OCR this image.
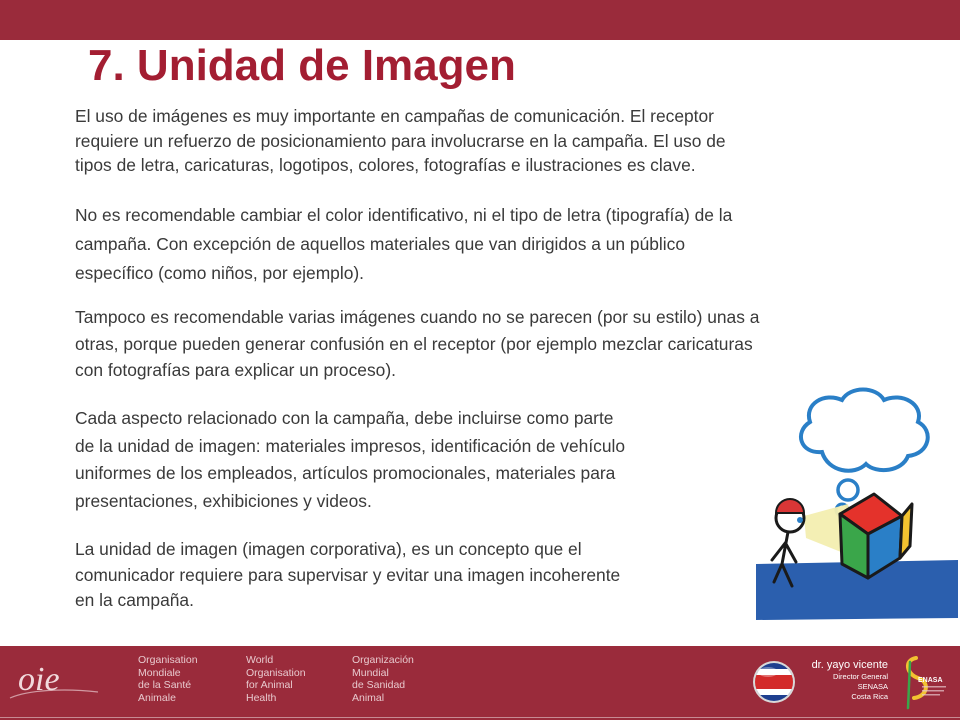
7. Unidad de Imagen
El uso de imágenes es muy importante en campañas de comunicación. El receptor
requiere un refuerzo de posicionamiento para involucrarse en la campaña. El uso de
tipos de letra, caricaturas, logotipos, colores, fotografías e ilustraciones es clave.
No es recomendable cambiar el color identificativo, ni el tipo de letra (tipografía) de la
campaña. Con excepción de aquellos materiales que van dirigidos a un público
específico (como niños, por ejemplo).
Tampoco es recomendable varias imágenes cuando no se parecen (por su estilo) unas a
otras, porque pueden generar confusión en el receptor (por ejemplo mezclar caricaturas
con fotografías para explicar un proceso).
Cada aspecto relacionado con la campaña, debe incluirse como parte
de la unidad de imagen: materiales impresos, identificación de vehículo
uniformes de los empleados, artículos promocionales, materiales para
presentaciones, exhibiciones y videos.
La unidad de imagen (imagen corporativa), es un concepto que el
comunicador requiere para supervisar y evitar una imagen incoherente
en la campaña.
oie
Organisation
Mondiale
de la Santé
Animale
World
Organisation
for Animal
Health
Organización
Mundial
de Sanidad
Animal
dr. yayo vicente
Director General
SENASA
Costa Rica
ENASA
